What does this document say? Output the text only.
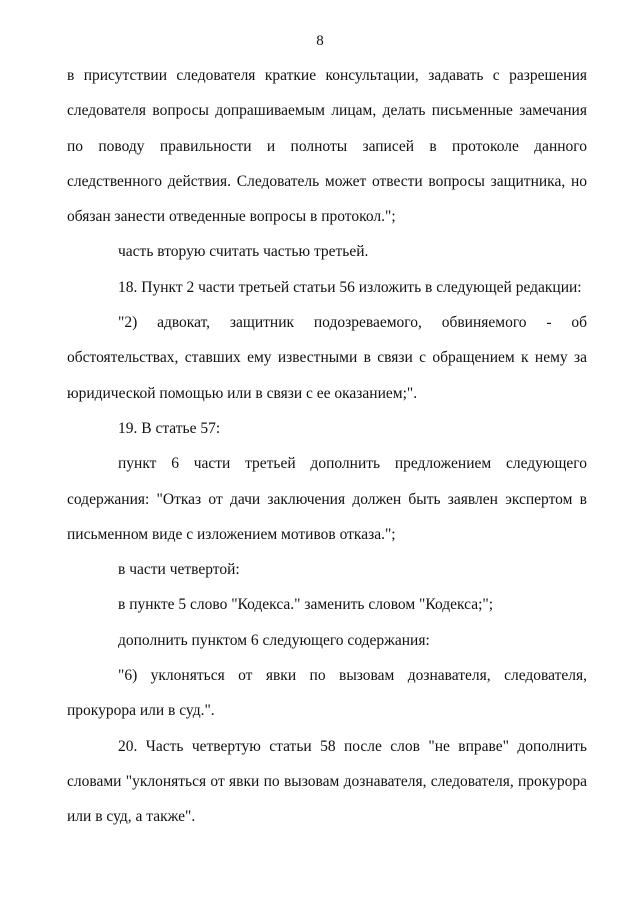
8

в присутствии следователя краткие консультации, задавать с разрешения следователя вопросы допрашиваемым лицам, делать письменные замечания по поводу правильности и полноты записей в протоколе данного следственного действия. Следователь может отвести вопросы защитника, но обязан занести отведенные вопросы в протокол.";

часть вторую считать частью третьей.

18. Пункт 2 части третьей статьи 56 изложить в следующей редакции:

"2) адвокат, защитник подозреваемого, обвиняемого - об обстоятельствах, ставших ему известными в связи с обращением к нему за юридической помощью или в связи с ее оказанием;".

19. В статье 57:

пункт 6 части третьей дополнить предложением следующего содержания: "Отказ от дачи заключения должен быть заявлен экспертом в письменном виде с изложением мотивов отказа.";

в части четвертой:

в пункте 5 слово "Кодекса." заменить словом "Кодекса;";

дополнить пунктом 6 следующего содержания:

"6) уклоняться от явки по вызовам дознавателя, следователя, прокурора или в суд.".

20. Часть четвертую статьи 58 после слов "не вправе" дополнить словами "уклоняться от явки по вызовам дознавателя, следователя, прокурора или в суд, а также".
